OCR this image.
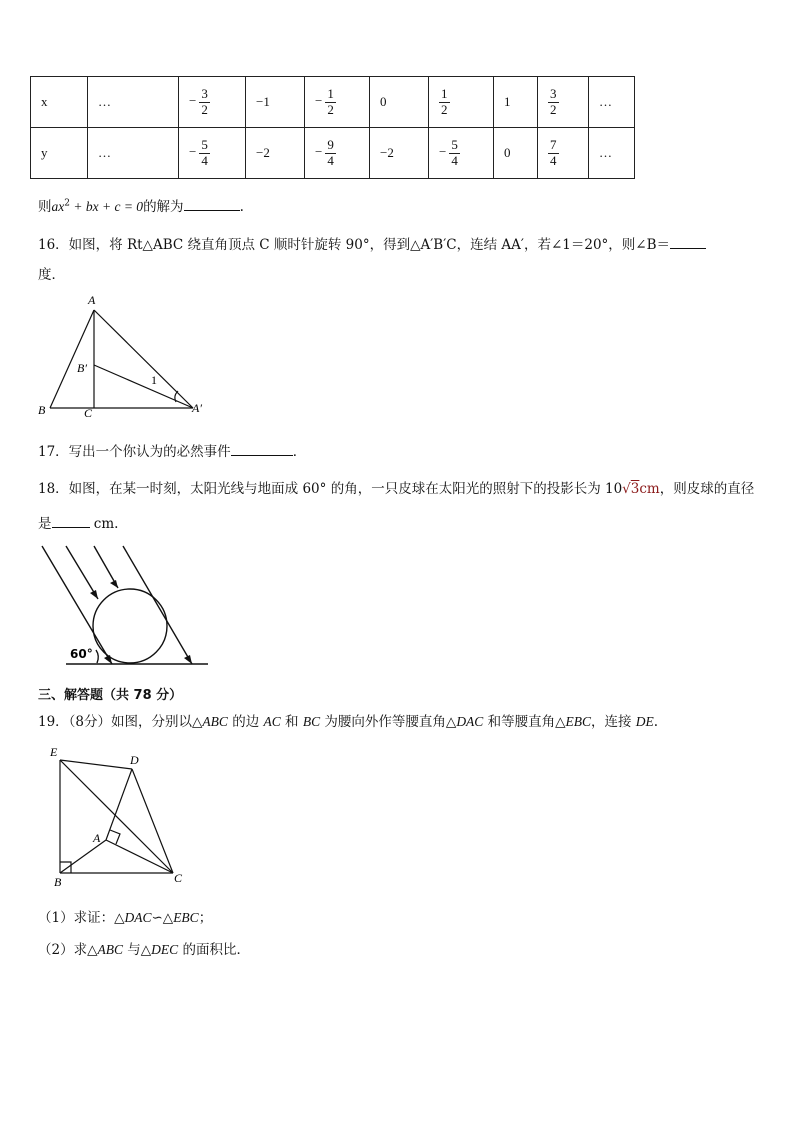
x	…	− $\frac{3}{2}$	−1	− $\frac{1}{2}$	0	$\frac{1}{2}$	1	$\frac{3}{2}$	…
y	…	− $\frac{5}{4}$	−2	− $\frac{9}{4}$	−2	− $\frac{5}{4}$	0	$\frac{7}{4}$	…
则$ax^2$ + bx + c = 0的解为	.
16．如图，将 Rt△ABC 绕直角顶点 C 顺时针旋转 90°，得到△A′B′C，连结 AA′，若∠1＝20°，则∠B＝
度．
A
B	C
B′
A′
1
17．写出一个你认为的必然事件	．
18．如图，在某一时刻，太阳光线与地面成 60° 的角，一只皮球在太阳光的照射下的投影长为 10√3cm，则皮球的直径
是	cm.
60°
三、解答题（共 78 分）
19．（8分）如图，分别以△ABC 的边 AC 和 BC 为腰向外作等腰直角△DAC 和等腰直角△EBC，连接 DE.
E
D
A
B	C
（1）求证：△DAC∽△EBC；
（2）求△ABC 与△DEC 的面积比．
